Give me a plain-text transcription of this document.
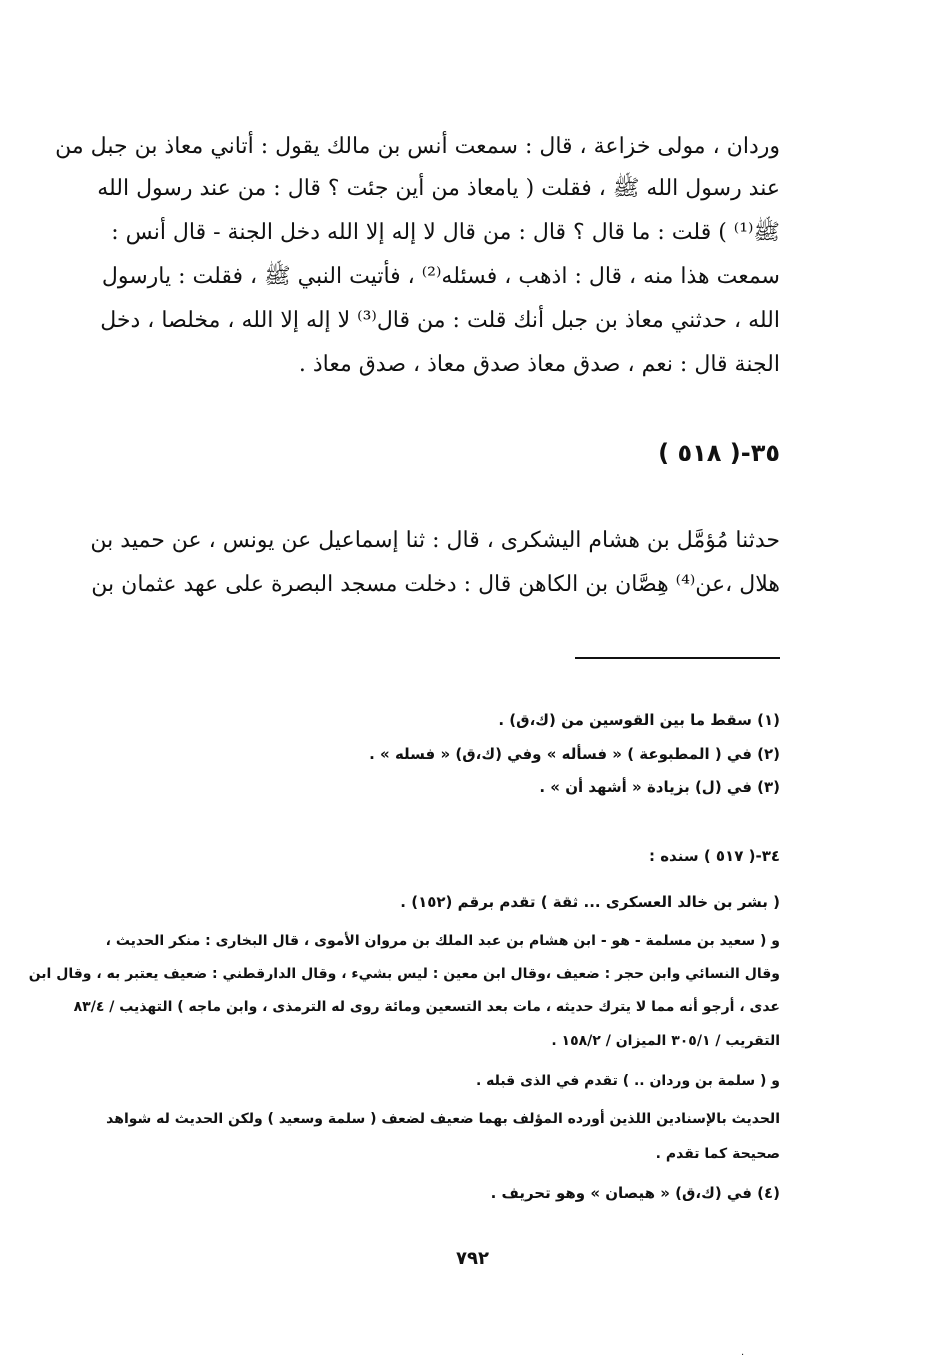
وردان ، مولى خزاعة ، قال : سمعت أنس بن مالك يقول : أتاني معاذ بن جبل من
عند رسول الله ﷺ ، فقلت ( يامعاذ من أين جئت ؟ قال : من عند رسول الله
ﷺ⁽¹⁾ ) قلت : ما قال ؟ قال : من قال لا إله إلا الله دخل الجنة - قال أنس :
سمعت هذا منه ، قال : اذهب ، فسئله⁽²⁾ ، فأتيت النبي ﷺ ، فقلت : يارسول
الله ، حدثني معاذ بن جبل أنك قلت : من قال⁽³⁾ لا إله إلا الله ، مخلصا ، دخل
الجنة قال : نعم ، صدق معاذ صدق معاذ ، صدق معاذ .
٣٥-( ٥١٨ )
حدثنا مُؤمَّل بن هشام اليشكرى ، قال : ثنا إسماعيل عن يونس ، عن حميد بن
هلال ،عن⁽⁴⁾ هِصَّان بن الكاهن قال : دخلت مسجد البصرة على عهد عثمان بن
(١) سقط ما بين القوسين من (ك،ق) .
(٢) في ( المطبوعة ) « فسأله » وفي (ك،ق) « فسله » .
(٣) في (ل) بزيادة « أشهد أن » .
٣٤-( ٥١٧ ) سنده :
( بشر بن خالد العسكرى ... ثقة ) تقدم برقم (١٥٢) .
و ( سعيد بن مسلمة - هو - ابن هشام بن عبد الملك بن مروان الأموى ، قال البخارى : منكر الحديث ،
وقال النسائي وابن حجر : ضعيف ،وقال ابن معين : ليس بشيء ، وقال الدارقطني : ضعيف يعتبر به ، وقال ابن
عدى ، أرجو أنه مما لا يترك حديثه ، مات بعد التسعين ومائة روى له الترمذى ، وابن ماجه ) التهذيب / ٨٣/٤
التقريب / ٣٠٥/١ الميزان / ١٥٨/٢ .
و ( سلمة بن وردان .. ) تقدم في الذى قبله .
الحديث بالإسنادين اللذين أورده المؤلف بهما ضعيف لضعف ( سلمة وسعيد ) ولكن الحديث له شواهد
صحيحة كما تقدم .
(٤) في (ك،ق) « هيصان » وهو تحريف .
٧٩٢
·
